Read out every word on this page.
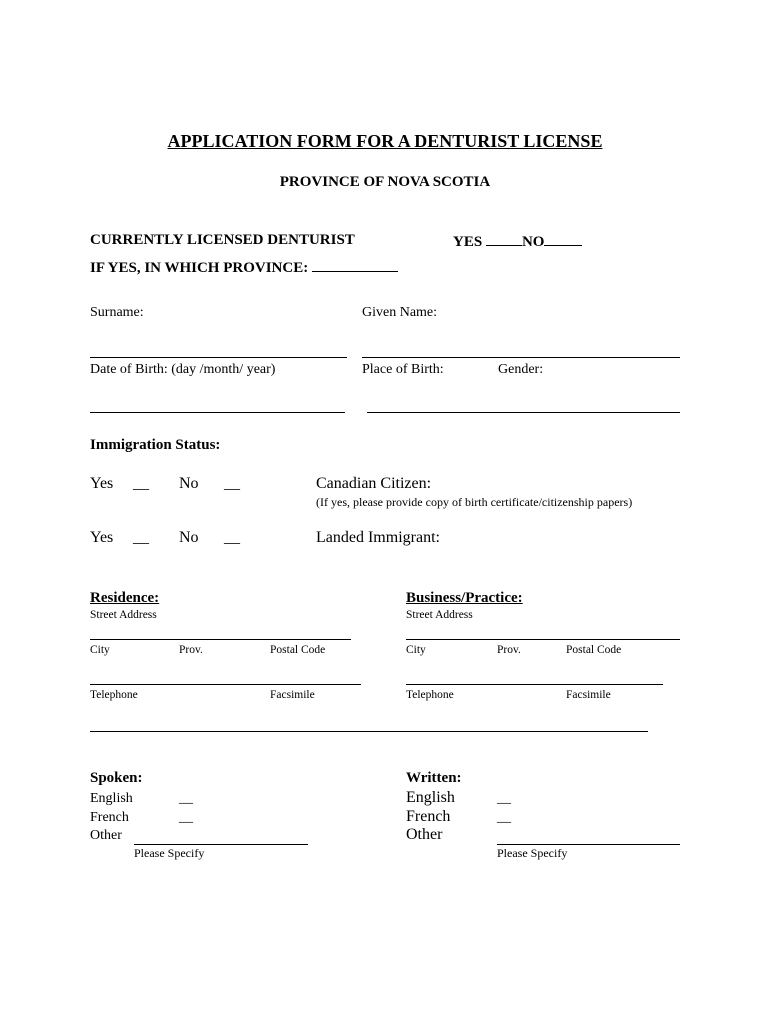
APPLICATION FORM FOR A DENTURIST LICENSE
PROVINCE OF NOVA SCOTIA
CURRENTLY LICENSED DENTURIST	YES	NO
IF YES, IN WHICH PROVINCE:
Surname:	Given Name:
Date of Birth: (day /month/ year)	Place of Birth:	Gender:
Immigration Status:
Yes __ No __	Canadian Citizen:
(If yes, please provide copy of birth certificate/citizenship papers)
Yes __ No __	Landed Immigrant:
Residence:
Street Address
City	Prov.	Postal Code
Telephone	Facsimile
Business/Practice:
Street Address
City	Prov.	Postal Code
Telephone	Facsimile
Spoken:
English	__
French	__
Other
Please Specify
Written:
English	__
French	__
Other
Please Specify
